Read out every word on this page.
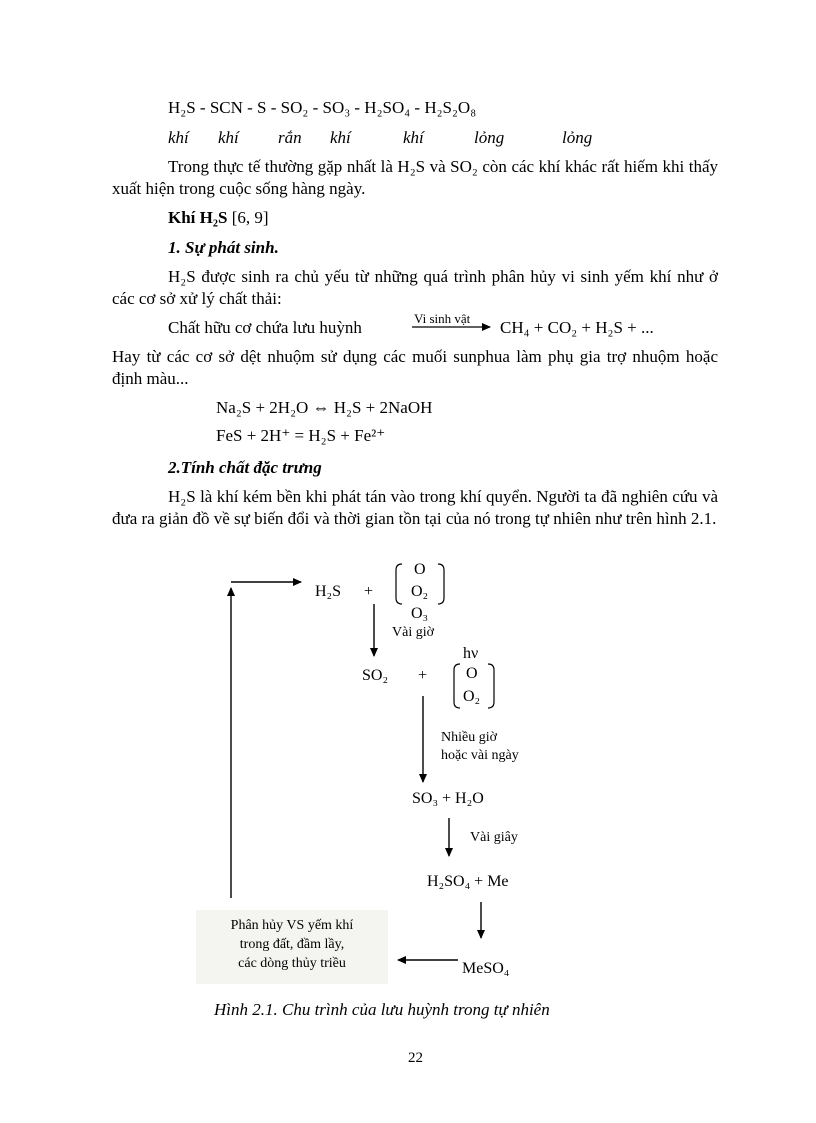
H₂S - SCN - S - SO₂ - SO₃ - H₂SO₄ - H₂S₂O₈
khí khí rắn khí	khí	lỏng	lỏng
Trong thực tế thường gặp nhất là H₂S và SO₂ còn các khí khác rất hiếm khi thấy xuất hiện trong cuộc sống hàng ngày.
Khí H₂S [6, 9]
1. Sự phát sinh.
H₂S được sinh ra chủ yếu từ những quá trình phân hủy vi sinh yếm khí như ở các cơ sở xử lý chất thải:
Chất hữu cơ chứa lưu huỳnh	Vi sinh vật CH₄ + CO₂ + H₂S + ...
Hay từ các cơ sở dệt nhuộm sử dụng các muối sunphua làm phụ gia trợ nhuộm hoặc định màu...
Na₂S + 2H₂O ⇔ H₂S + 2NaOH
FeS + 2H⁺ = H₂S + Fe²⁺
2.Tính chất đặc trưng
H₂S là khí kém bền khi phát tán vào trong khí quyển. Người ta đã nghiên cứu và đưa ra giản đồ về sự biến đổi và thời gian tồn tại của nó trong tự nhiên như trên hình 2.1.
H₂S +
O
O₂
O₃
Vài giờ
hν
SO₂ + O
O₂
Nhiều giờ
hoặc vài ngày
SO₃ + H₂O
Vài giây
H₂SO₄ + Me
MeSO₄
Phân hủy VS yếm khí
trong đất, đầm lầy,
các dòng thủy triều
Hình 2.1. Chu trình của lưu huỳnh trong tự nhiên
22
